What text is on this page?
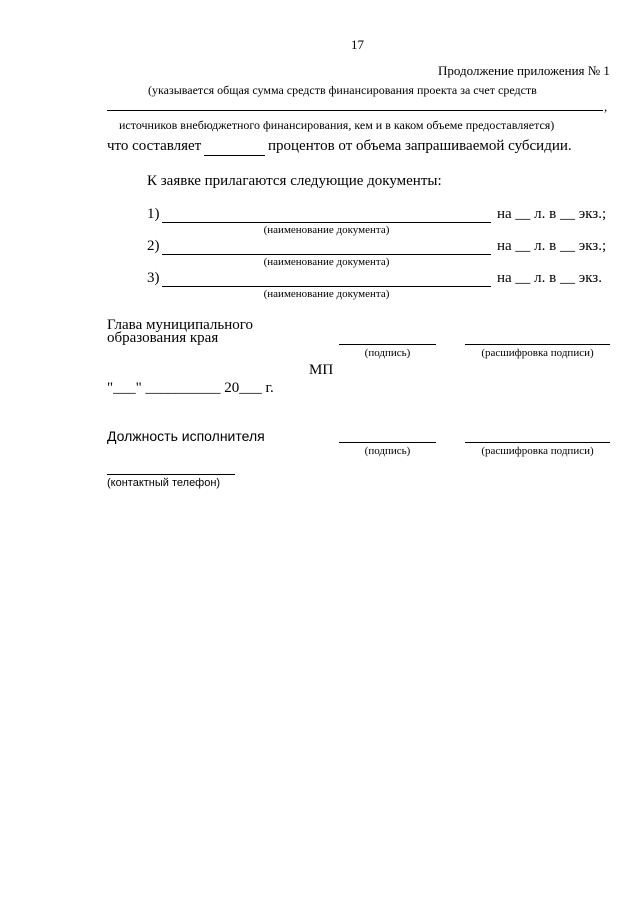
17
Продолжение приложения № 1
(указывается общая сумма средств финансирования проекта за счет средств
,
источников внебюджетного финансирования, кем и в каком объеме предоставляется)
что составляет	процентов от объема запрашиваемой субсидии.
К заявке прилагаются следующие документы:
1)	на __ л. в __ экз.;
(наименование документа)
2)	на __ л. в __ экз.;
(наименование документа)
3)	на __ л. в __ экз.
(наименование документа)
Глава муниципального
образования края
(подпись)	(расшифровка подписи)
МП
"___" __________ 20___ г.
Должность исполнителя
(подпись)	(расшифровка подписи)
(контактный телефон)
